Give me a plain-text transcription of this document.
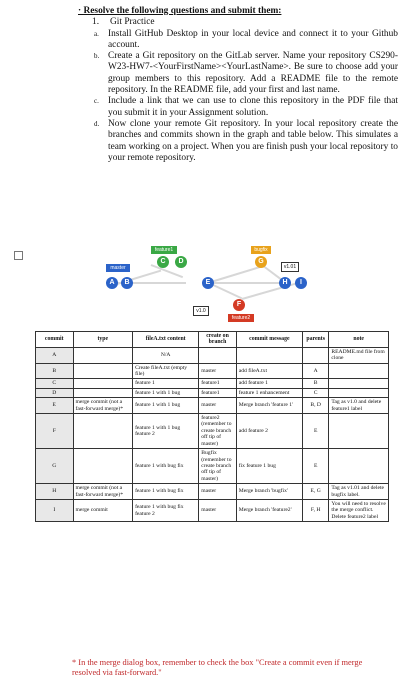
· Resolve the following questions and submit them:
1. Git Practice
a. Install GitHub Desktop in your local device and connect it to your Github account.

b. Create a Git repository on the GitLab server. Name your repository CS290-W23-HW7-<YourFirstName><YourLastName>. Be sure to choose add your group members to this repository. Add a README file to the remote repository. In the README file, add your first and last name.

c. Include a link that we can use to clone this repository in the PDF file that you submit it in your Assignment solution.

d. Now clone your remote Git repository. In your local repository create the branches and commits shown in the graph and table below. This simulates a team working on a project. When you are finish push your local repository to your remote repository.

master
feature1	bugfix
feature2
v1.0
v1.01
A	B
C	D
E
F
G
H	I
commit	type	fileA.txt content	create on branch	commit message	parents	note
A		N/A				README.md file from clone
B		Create fileA.txt (empty file)	master	add fileA.txt	A	
C		feature 1	feature1	add feature 1	B	
D		feature 1 with 1 bug	feature1	feature 1 enhancement	C	
E	merge commit (not a fast-forward merge)*	feature 1 with 1 bug	master	Merge branch 'feature 1'	B, D	Tag as v1.0 and delete feature1 label
F		feature 1 with 1 bug feature 2	feature2 (remember to create branch off tip of master)	add feature 2	E	
G		feature 1 with bug fix	Bugfix (remember to create branch off tip of master)	fix feature 1 bug	E	
H	merge commit (not a fast-forward merge)*	feature 1 with bug fix	master	Merge branch 'bugfix'	E, G	Tag as v1.01 and delete bugfix label.
I	merge commit	feature 1 with bug fix feature 2	master	Merge branch 'feature2'	F, H	You will need to resolve the merge conflict. Delete feature2 label
* In the merge dialog box, remember to check the box "Create a commit even if merge resolved via fast-forward."
